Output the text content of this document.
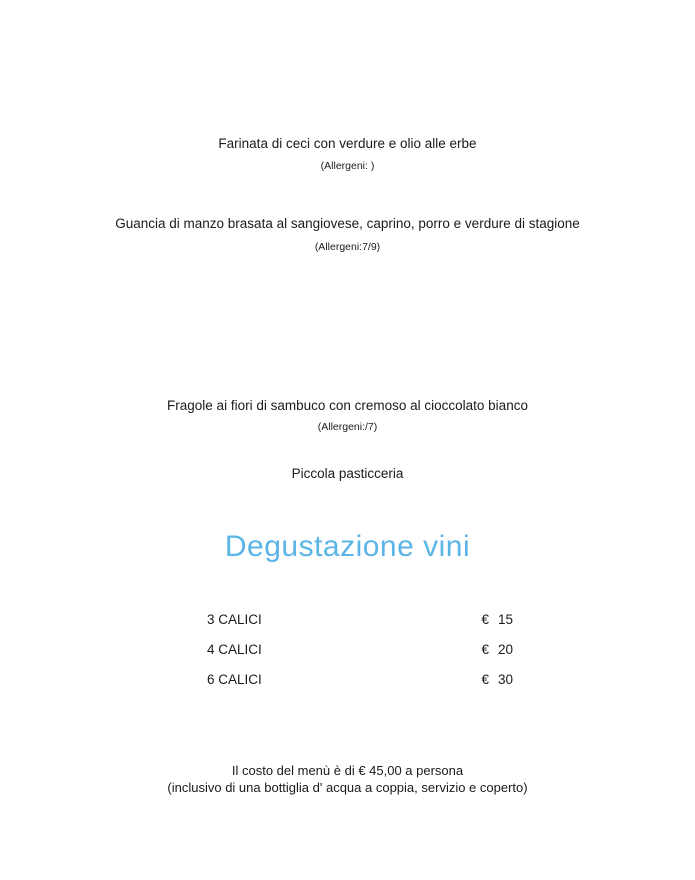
Farinata di ceci con verdure e olio alle erbe
(Allergeni: )
Guancia di manzo brasata al sangiovese, caprino, porro e verdure di stagione
(Allergeni:7/9)
Fragole ai fiori di sambuco con cremoso al cioccolato bianco
(Allergeni:/7)
Piccola pasticceria
Degustazione vini
3 CALICI	€ 15
4 CALICI	€ 20
6 CALICI	€ 30
Il costo del menù è di € 45,00 a persona
(inclusivo di una bottiglia d' acqua a coppia, servizio e coperto)
